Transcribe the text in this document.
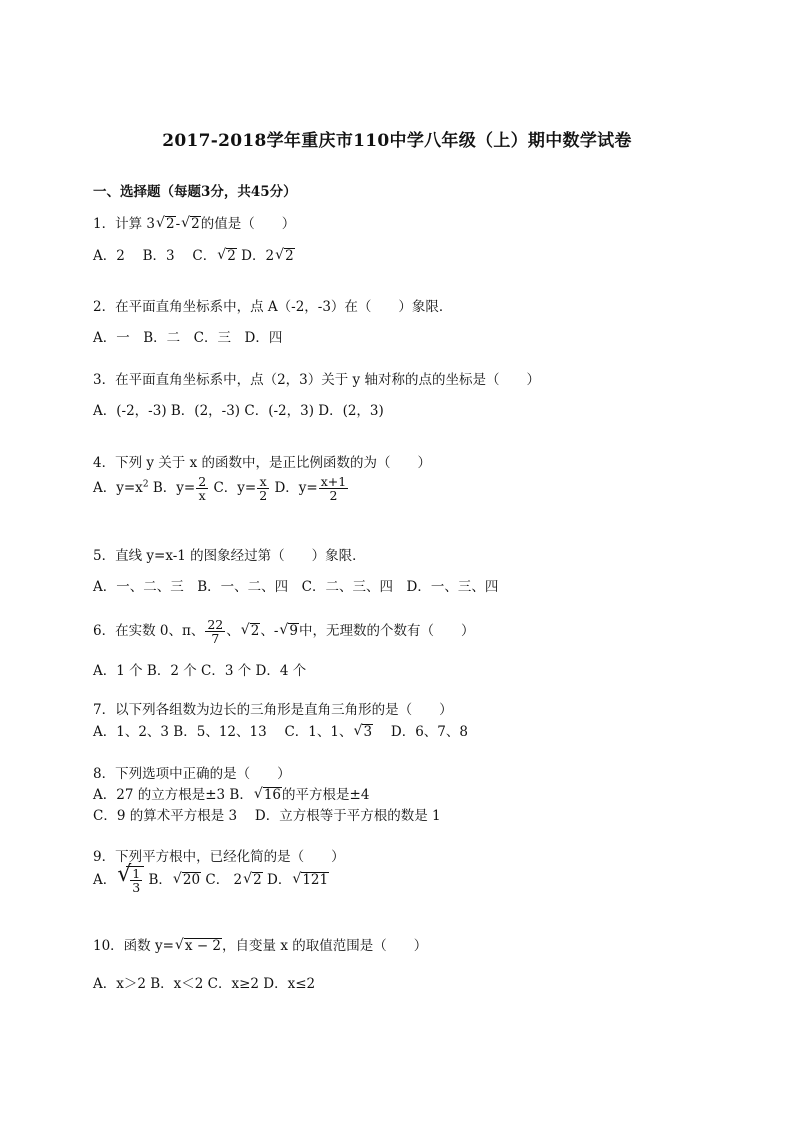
2017-2018学年重庆市110中学八年级（上）期中数学试卷
一、选择题（每题3分，共45分）
1．计算 3 √ 2- √ 2的值是（　　）
A．2　 B．3　 C． √ 2 D．2 √ 2
2．在平面直角坐标系中，点 A（-2，-3）在（　　）象限．
A．一　B．二　C．三　D．四
3．在平面直角坐标系中，点（2，3）关于 y 轴对称的点的坐标是（　　）
A．(-2，-3) B．(2，-3) C．(-2，3) D．(2，3)
4．下列 y 关于 x 的函数中，是正比例函数的为（　　）
A．$y=x^2$ B．$y= \frac{2}{x}$ C．$y= \frac{x}{2}$ D．$y= \frac{x+1}{2}$
5．直线 y=x-1 的图象经过第（　　）象限．
A．一、二、三　B．一、二、四　C．二、三、四　D．一、三、四
6．在实数 0、π、 $\frac{22}{7}$ 、 √ 2、- √ 9中，无理数的个数有（　　）
A．1 个 B．2 个 C．3 个 D．4 个
7．以下列各组数为边长的三角形是直角三角形的是（　　）
A．1、2、3 B．5、12、13　 C．1、1、 √ 3　 D．6、7、8
8．下列选项中正确的是（　　）
A．27 的立方根是±3 B． √ 16的平方根是±4
C．9 的算术平方根是 3　 D．立方根等于平方根的数是 1
9．下列平方根中，已经化简的是（　　）
A． √
$\frac{1}{3}$ B． √ 20 C． 2 √ 2 D． √ 121
10．函数 y= √ x − 2，自变量 x 的取值范围是（　　）
A．x＞2 B．x＜2 C．x≥2 D．x≤2
